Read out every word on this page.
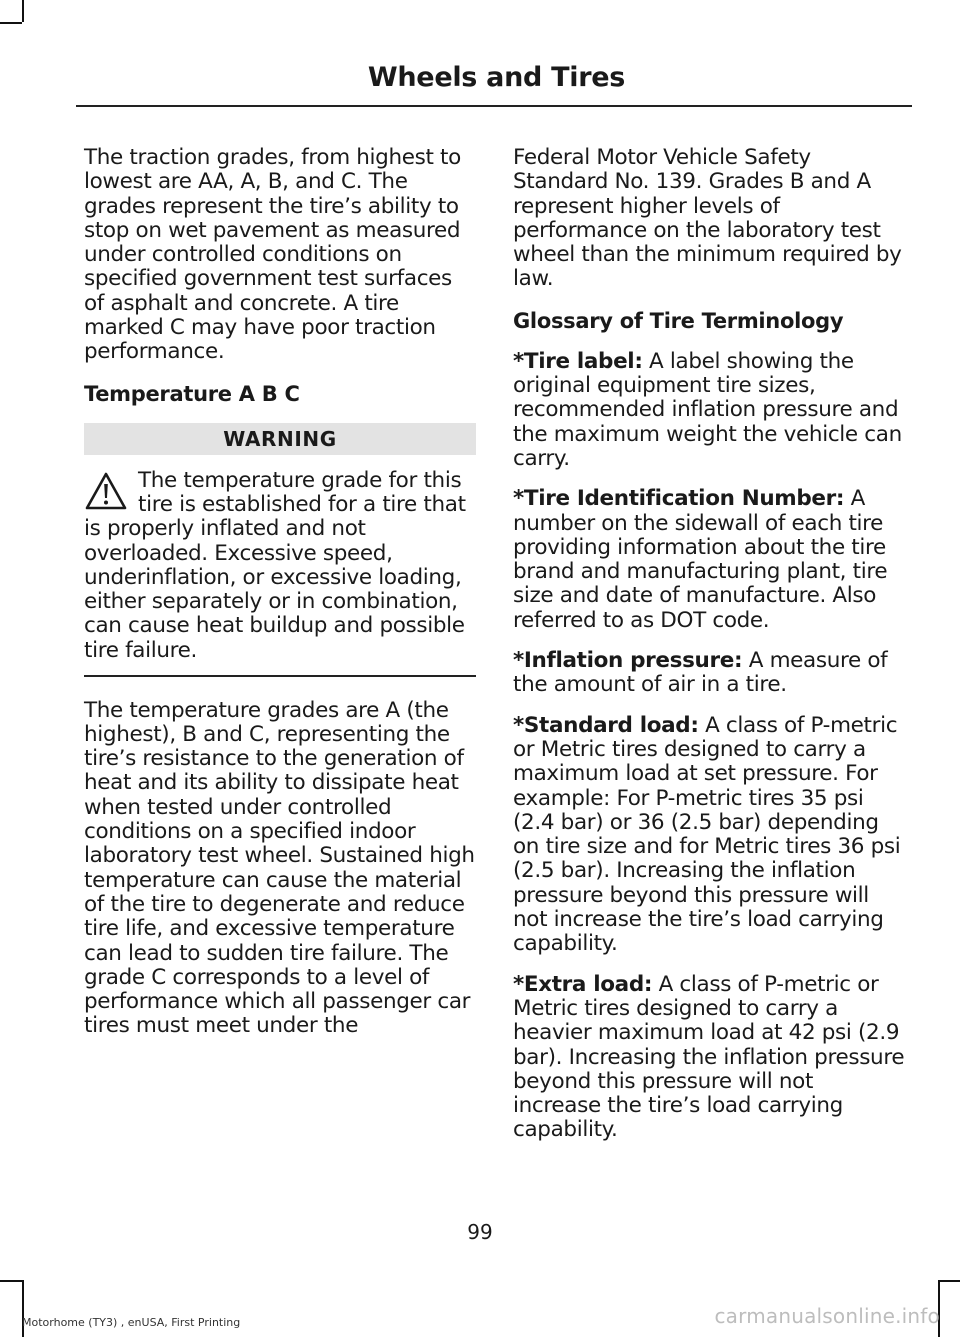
Wheels and Tires

The traction grades, from highest to lowest are AA, A, B, and C. The grades represent the tire’s ability to stop on wet pavement as measured under controlled conditions on specified government test surfaces of asphalt and concrete. A tire marked C may have poor traction performance.

Temperature A B C
WARNING
The temperature grade for this tire is established for a tire that is properly inflated and not overloaded. Excessive speed, underinflation, or excessive loading, either separately or in combination, can cause heat buildup and possible tire failure.

The temperature grades are A (the highest), B and C, representing the tire’s resistance to the generation of heat and its ability to dissipate heat when tested under controlled conditions on a specified indoor laboratory test wheel. Sustained high temperature can cause the material of the tire to degenerate and reduce tire life, and excessive temperature can lead to sudden tire failure. The grade C corresponds to a level of performance which all passenger car tires must meet under the

Federal Motor Vehicle Safety Standard No. 139. Grades B and A represent higher levels of performance on the laboratory test wheel than the minimum required by law.

Glossary of Tire Terminology

*Tire label: A label showing the original equipment tire sizes, recommended inflation pressure and the maximum weight the vehicle can carry.

*Tire Identification Number: A number on the sidewall of each tire providing information about the tire brand and manufacturing plant, tire size and date of manufacture. Also referred to as DOT code.

*Inflation pressure: A measure of the amount of air in a tire.

*Standard load: A class of P-metric or Metric tires designed to carry a maximum load at set pressure. For example: For P-metric tires 35 psi (2.4 bar) or 36 (2.5 bar) depending on tire size and for Metric tires 36 psi (2.5 bar). Increasing the inflation pressure beyond this pressure will not increase the tire’s load carrying capability.

*Extra load: A class of P-metric or Metric tires designed to carry a heavier maximum load at 42 psi (2.9 bar). Increasing the inflation pressure beyond this pressure will not increase the tire’s load carrying capability.

99
Motorhome (TY3) , enUSA, First Printing	carmanualsonline.info
